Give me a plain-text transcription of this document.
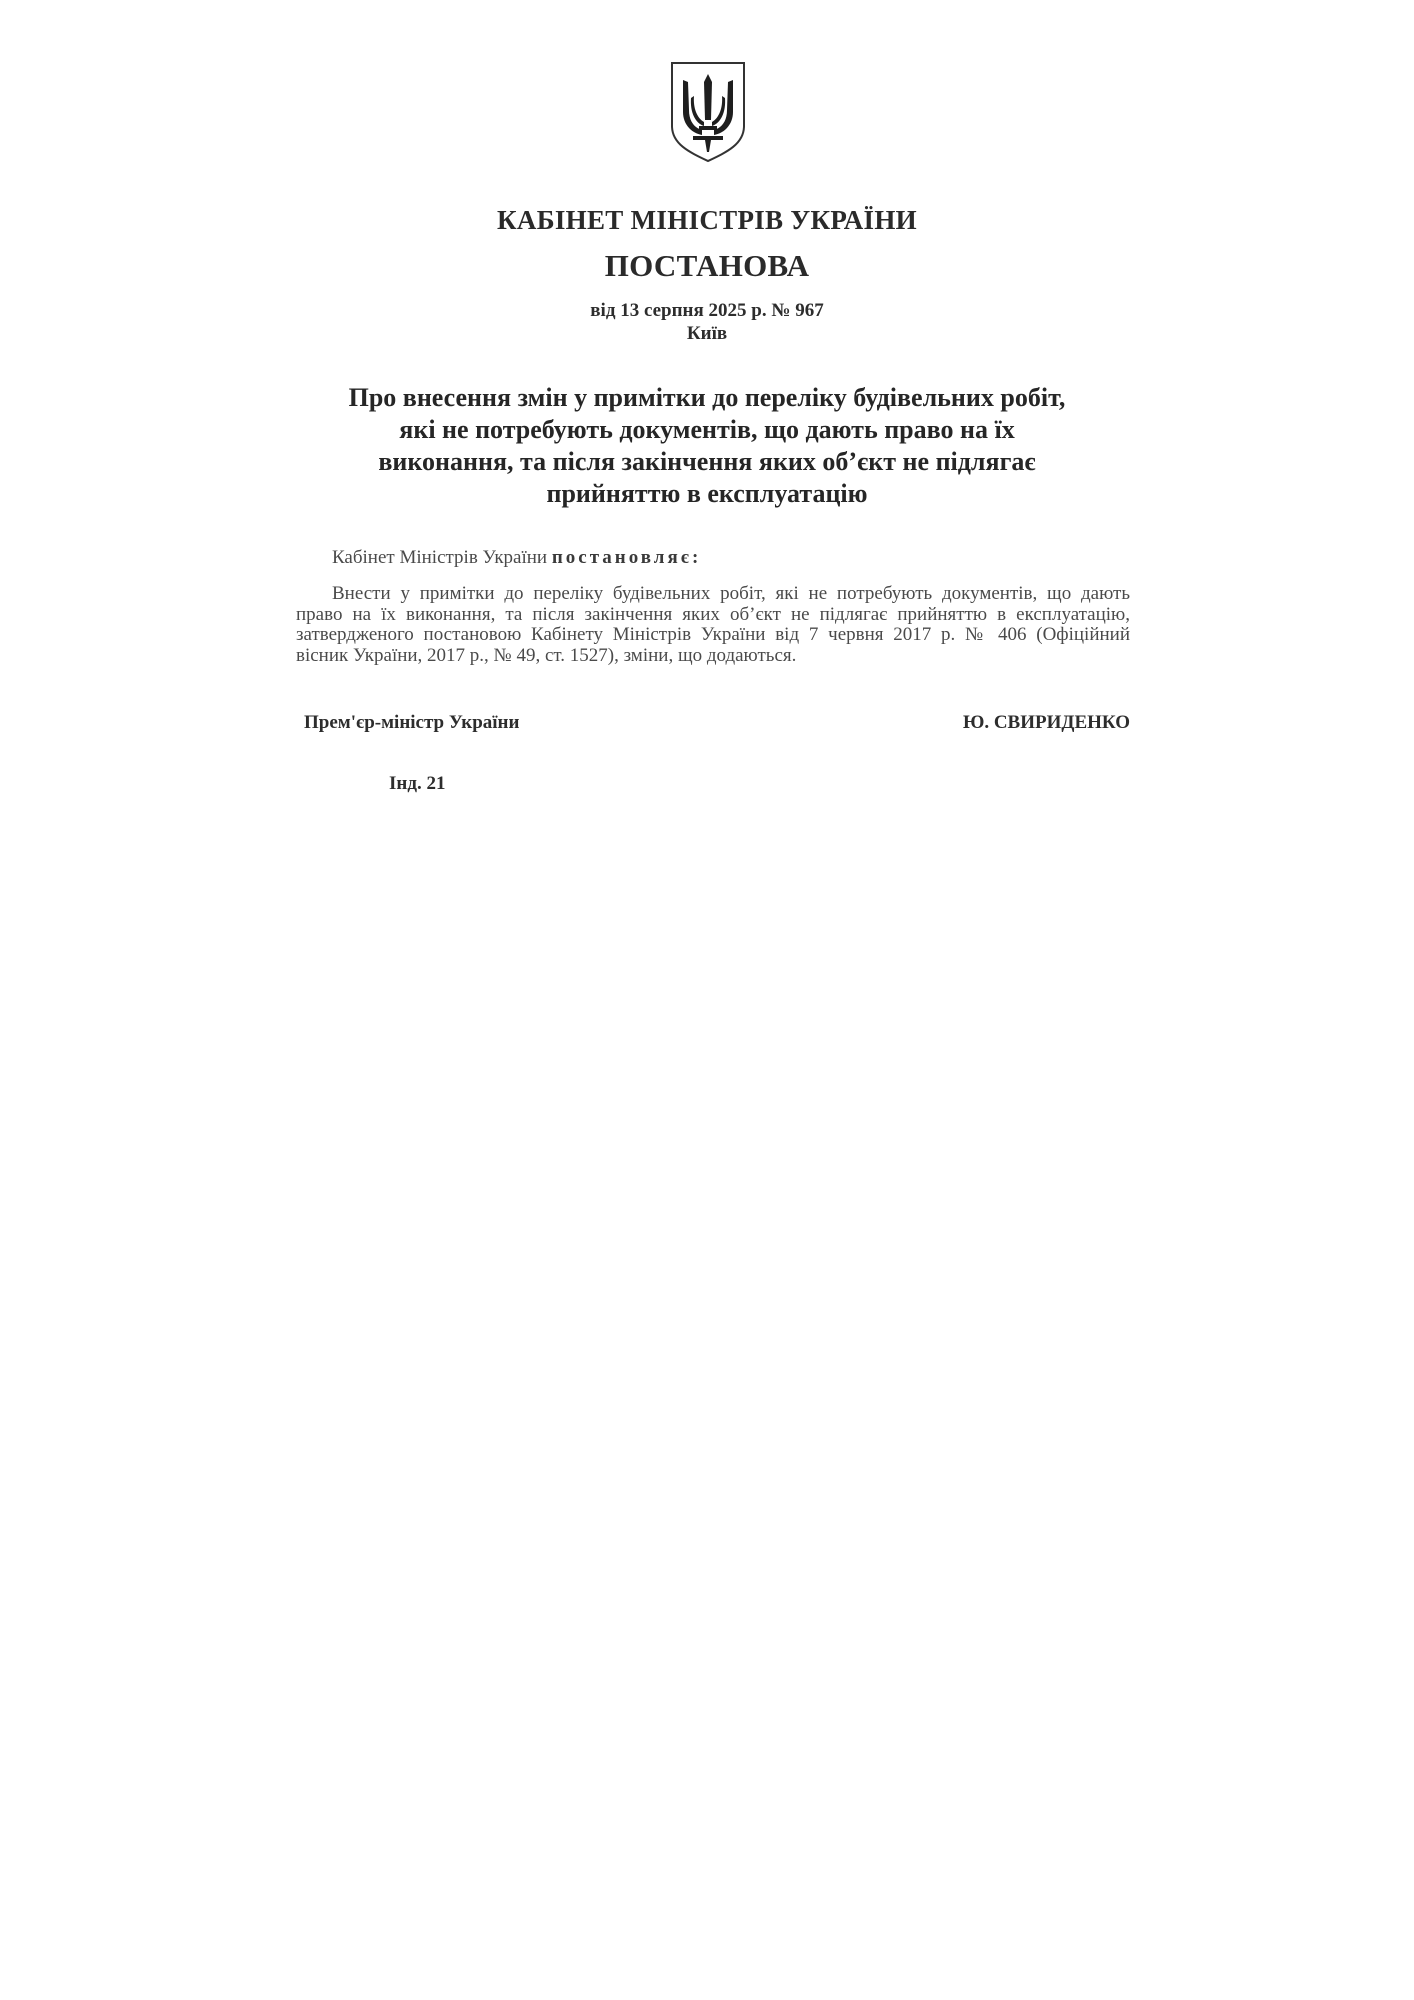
КАБІНЕТ МІНІСТРІВ УКРАЇНИ
ПОСТАНОВА
від 13 серпня 2025 р. № 967
Київ
Про внесення змін у примітки до переліку будівельних робіт,
які не потребують документів, що дають право на їх
виконання, та після закінчення яких об’єкт не підлягає
прийняттю в експлуатацію
Кабінет Міністрів України постановляє:
Внести у примітки до переліку будівельних робіт, які не потребують документів, що дають
право на їх виконання, та після закінчення яких об’єкт не підлягає прийняттю в експлуатацію,
затвердженого постановою Кабінету Міністрів України від 7 червня 2017 р. № 406 (Офіційний
вісник України, 2017 р., № 49, ст. 1527), зміни, що додаються.
Прем'єр-міністр України	Ю. СВИРИДЕНКО
Інд. 21
